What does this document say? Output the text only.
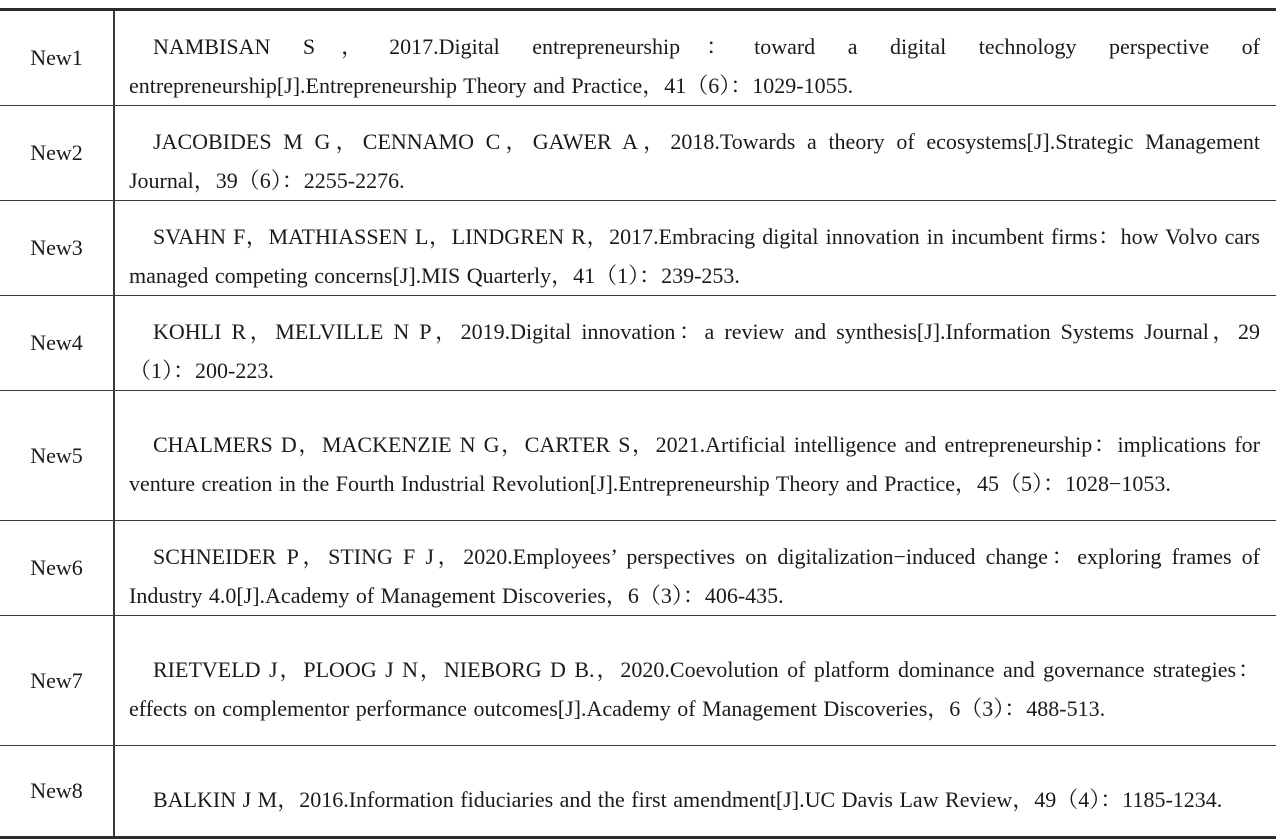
New1	NAMBISAN S，2017.Digital entrepreneurship：toward a digital technology perspective of entrepreneurship[J].Entrepreneurship Theory and Practice，41（6）：1029-1055.
New2	JACOBIDES M G，CENNAMO C，GAWER A，2018.Towards a theory of ecosystems[J].Strategic Management Journal，39（6）：2255-2276.
New3	SVAHN F，MATHIASSEN L，LINDGREN R，2017.Embracing digital innovation in incumbent firms：how Volvo cars managed competing concerns[J].MIS Quarterly，41（1）：239-253.
New4	KOHLI R，MELVILLE N P，2019.Digital innovation：a review and synthesis[J].Information Systems Journal，29（1）：200-223.
New5	CHALMERS D，MACKENZIE N G，CARTER S，2021.Artificial intelligence and entrepreneurship：implications for venture creation in the Fourth Industrial Revolution[J].Entrepreneurship Theory and Practice，45（5）：1028−1053.
New6	SCHNEIDER P，STING F J，2020.Employees’ perspectives on digitalization−induced change：exploring frames of Industry 4.0[J].Academy of Management Discoveries，6（3）：406-435.
New7	RIETVELD J，PLOOG J N，NIEBORG D B.，2020.Coevolution of platform dominance and governance strategies：effects on complementor performance outcomes[J].Academy of Management Discoveries，6（3）：488-513.
New8	BALKIN J M，2016.Information fiduciaries and the first amendment[J].UC Davis Law Review，49（4）：1185-1234.
